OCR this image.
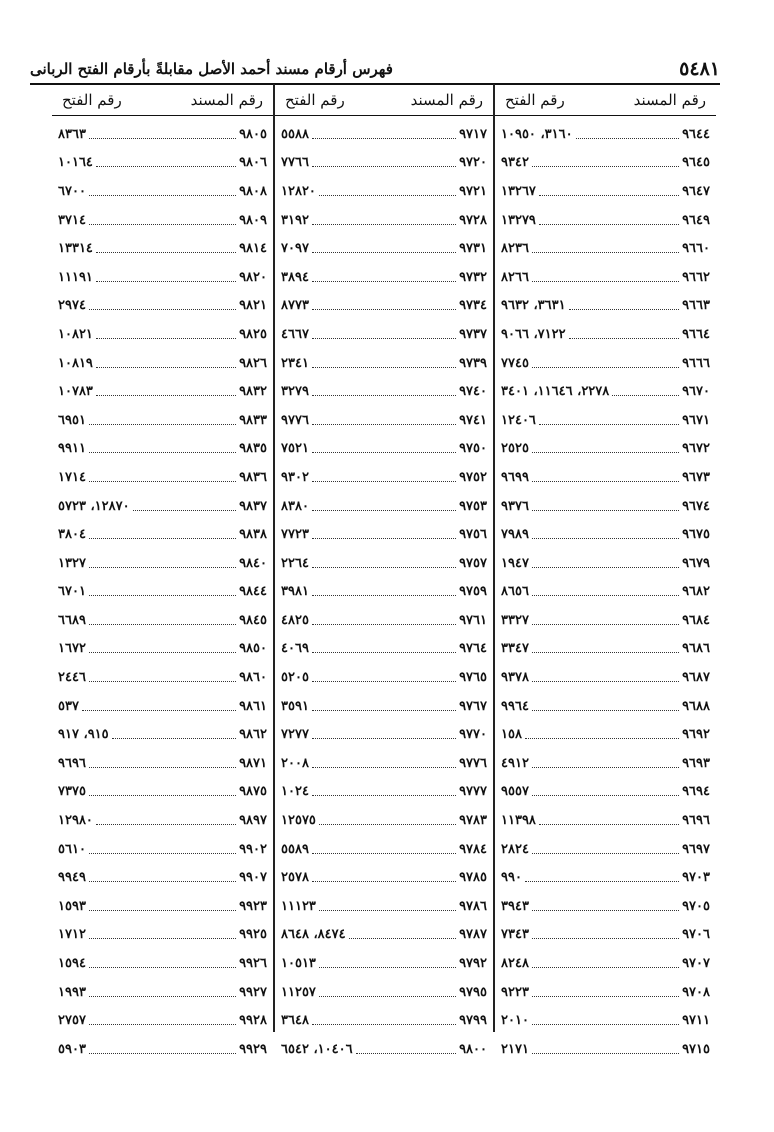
٥٤٨١
فهرس أرقام مسند أحمد الأصل مقابلةً بأرقام الفتح الربانى
رقم المسند
رقم الفتح
٩٦٤٤
٣١٦٠، ١٠٩٥٠
٩٦٤٥
٩٣٤٢
٩٦٤٧
١٣٢٦٧
٩٦٤٩
١٣٢٧٩
٩٦٦٠
٨٢٣٦
٩٦٦٢
٨٢٦٦
٩٦٦٣
٣٦٣١، ٩٦٣٢
٩٦٦٤
٧١٢٢، ٩٠٦٦
٩٦٦٦
٧٧٤٥
٩٦٧٠
٢٢٧٨، ١١٦٤٦، ٣٤٠١
٩٦٧١
١٢٤٠٦
٩٦٧٢
٢٥٢٥
٩٦٧٣
٩٦٩٩
٩٦٧٤
٩٣٧٦
٩٦٧٥
٧٩٨٩
٩٦٧٩
١٩٤٧
٩٦٨٢
٨٦٥٦
٩٦٨٤
٣٣٢٧
٩٦٨٦
٣٣٤٧
٩٦٨٧
٩٣٧٨
٩٦٨٨
٩٩٦٤
٩٦٩٢
١٥٨
٩٦٩٣
٤٩١٢
٩٦٩٤
٩٥٥٧
٩٦٩٦
١١٣٩٨
٩٦٩٧
٢٨٢٤
٩٧٠٣
٩٩٠
٩٧٠٥
٣٩٤٣
٩٧٠٦
٧٣٤٣
٩٧٠٧
٨٢٤٨
٩٧٠٨
٩٢٢٣
٩٧١١
٢٠١٠
٩٧١٥
٢١٧١
رقم المسند
رقم الفتح
٩٧١٧
٥٥٨٨
٩٧٢٠
٧٧٦٦
٩٧٢١
١٢٨٢٠
٩٧٢٨
٣١٩٢
٩٧٣١
٧٠٩٧
٩٧٣٢
٣٨٩٤
٩٧٣٤
٨٧٧٣
٩٧٣٧
٤٦٦٧
٩٧٣٩
٢٣٤١
٩٧٤٠
٣٢٧٩
٩٧٤١
٩٧٧٦
٩٧٥٠
٧٥٢١
٩٧٥٢
٩٣٠٢
٩٧٥٣
٨٣٨٠
٩٧٥٦
٧٧٢٣
٩٧٥٧
٢٢٦٤
٩٧٥٩
٣٩٨١
٩٧٦١
٤٨٢٥
٩٧٦٤
٤٠٦٩
٩٧٦٥
٥٢٠٥
٩٧٦٧
٣٥٩١
٩٧٧٠
٧٢٧٧
٩٧٧٦
٢٠٠٨
٩٧٧٧
١٠٢٤
٩٧٨٣
١٢٥٧٥
٩٧٨٤
٥٥٨٩
٩٧٨٥
٢٥٧٨
٩٧٨٦
١١١٢٣
٩٧٨٧
٨٤٧٤، ٨٦٤٨
٩٧٩٢
١٠٥١٣
٩٧٩٥
١١٢٥٧
٩٧٩٩
٣٦٤٨
٩٨٠٠
١٠٤٠٦، ٦٥٤٢
رقم المسند
رقم الفتح
٩٨٠٥
٨٣٦٣
٩٨٠٦
١٠١٦٤
٩٨٠٨
٦٧٠٠
٩٨٠٩
٣٧١٤
٩٨١٤
١٣٣١٤
٩٨٢٠
١١١٩١
٩٨٢١
٢٩٧٤
٩٨٢٥
١٠٨٢١
٩٨٢٦
١٠٨١٩
٩٨٣٢
١٠٧٨٣
٩٨٣٣
٦٩٥١
٩٨٣٥
٩٩١١
٩٨٣٦
١٧١٤
٩٨٣٧
١٢٨٧٠، ٥٧٢٣
٩٨٣٨
٣٨٠٤
٩٨٤٠
١٣٢٧
٩٨٤٤
٦٧٠١
٩٨٤٥
٦٦٨٩
٩٨٥٠
١٦٧٢
٩٨٦٠
٢٤٤٦
٩٨٦١
٥٣٧
٩٨٦٢
٩١٥، ٩١٧
٩٨٧١
٩٦٩٦
٩٨٧٥
٧٣٧٥
٩٨٩٧
١٢٩٨٠
٩٩٠٢
٥٦١٠
٩٩٠٧
٩٩٤٩
٩٩٢٣
١٥٩٣
٩٩٢٥
١٧١٢
٩٩٢٦
١٥٩٤
٩٩٢٧
١٩٩٣
٩٩٢٨
٢٧٥٧
٩٩٢٩
٥٩٠٣
